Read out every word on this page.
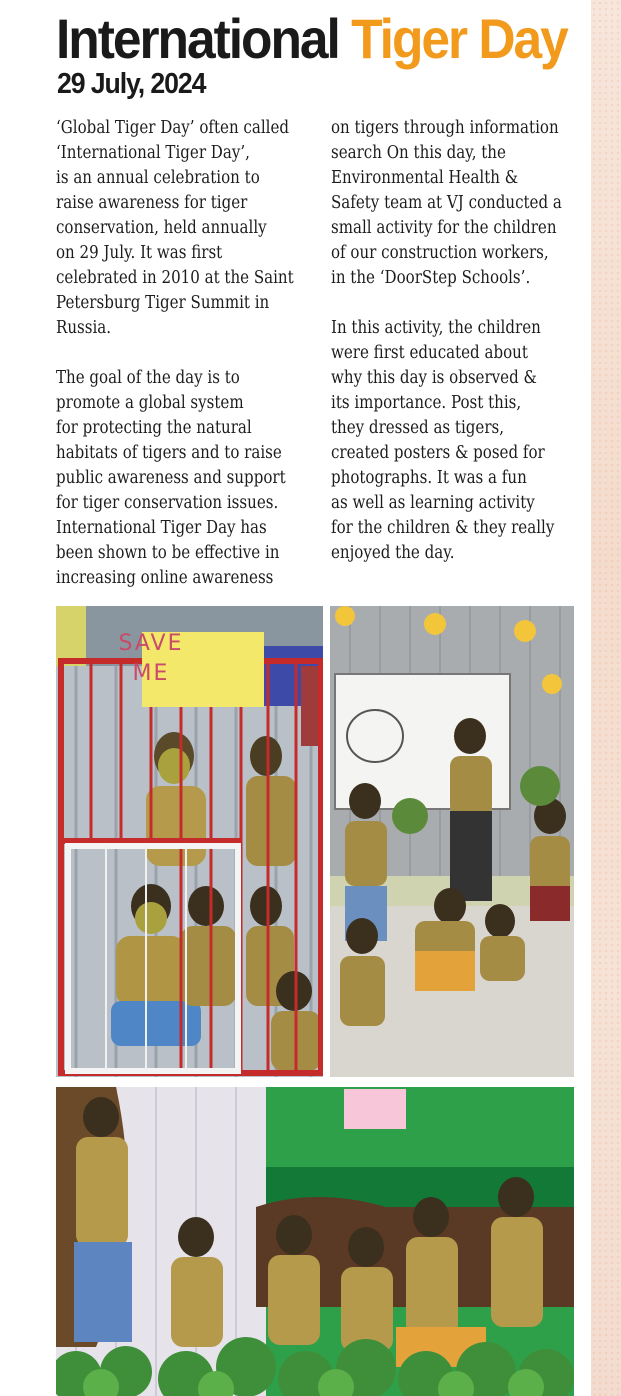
International Tiger Day
29 July, 2024
‘Global Tiger Day’ often called
‘International Tiger Day’,
is an annual celebration to
raise awareness for tiger
conservation, held annually
on 29 July. It was first
celebrated in 2010 at the Saint
Petersburg Tiger Summit in
Russia.
The goal of the day is to
promote a global system
for protecting the natural
habitats of tigers and to raise
public awareness and support
for tiger conservation issues.
International Tiger Day has
been shown to be effective in
increasing online awareness
on tigers through information
search On this day, the
Environmental Health &
Safety team at VJ conducted a
small activity for the children
of our construction workers,
in the ‘DoorStep Schools’.
In this activity, the children
were first educated about
why this day is observed &
its importance. Post this,
they dressed as tigers,
created posters & posed for
photographs. It was a fun
as well as learning activity
for the children & they really
enjoyed the day.
SAVE
ME
